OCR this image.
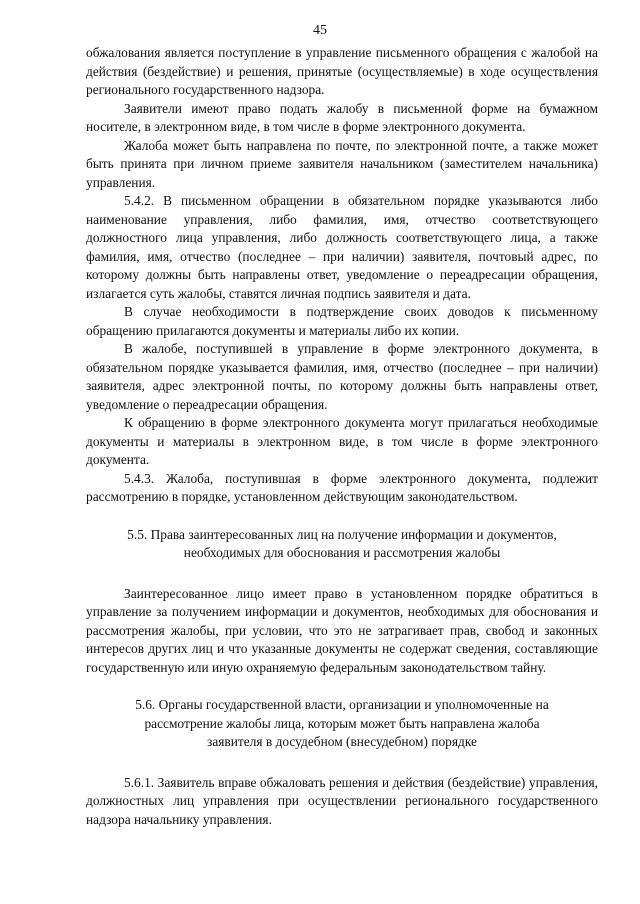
45

обжалования является поступление в управление письменного обращения с жалобой на действия (бездействие) и решения, принятые (осуществляемые) в ходе осуществления регионального государственного надзора.

Заявители имеют право подать жалобу в письменной форме на бумажном носителе, в электронном виде, в том числе в форме электронного документа.

Жалоба может быть направлена по почте, по электронной почте, а также может быть принята при личном приеме заявителя начальником (заместителем начальника) управления.

5.4.2. В письменном обращении в обязательном порядке указываются либо наименование управления, либо фамилия, имя, отчество соответствующего должностного лица управления, либо должность соответствующего лица, а также фамилия, имя, отчество (последнее – при наличии) заявителя, почтовый адрес, по которому должны быть направлены ответ, уведомление о переадресации обращения, излагается суть жалобы, ставятся личная подпись заявителя и дата.

В случае необходимости в подтверждение своих доводов к письменному обращению прилагаются документы и материалы либо их копии.

В жалобе, поступившей в управление в форме электронного документа, в обязательном порядке указывается фамилия, имя, отчество (последнее – при наличии) заявителя, адрес электронной почты, по которому должны быть направлены ответ, уведомление о переадресации обращения.

К обращению в форме электронного документа могут прилагаться необходимые документы и материалы в электронном виде, в том числе в форме электронного документа.

5.4.3. Жалоба, поступившая в форме электронного документа, подлежит рассмотрению в порядке, установленном действующим законодательством.

5.5. Права заинтересованных лиц на получение информации и документов,
необходимых для обоснования и рассмотрения жалобы

Заинтересованное лицо имеет право в установленном порядке обратиться в управление за получением информации и документов, необходимых для обоснования и рассмотрения жалобы, при условии, что это не затрагивает прав, свобод и законных интересов других лиц и что указанные документы не содержат сведения, составляющие государственную или иную охраняемую федеральным законодательством тайну.

5.6. Органы государственной власти, организации и уполномоченные на
рассмотрение жалобы лица, которым может быть направлена жалоба
заявителя в досудебном (внесудебном) порядке

5.6.1. Заявитель вправе обжаловать решения и действия (бездействие) управления, должностных лиц управления при осуществлении регионального государственного надзора начальнику управления.
